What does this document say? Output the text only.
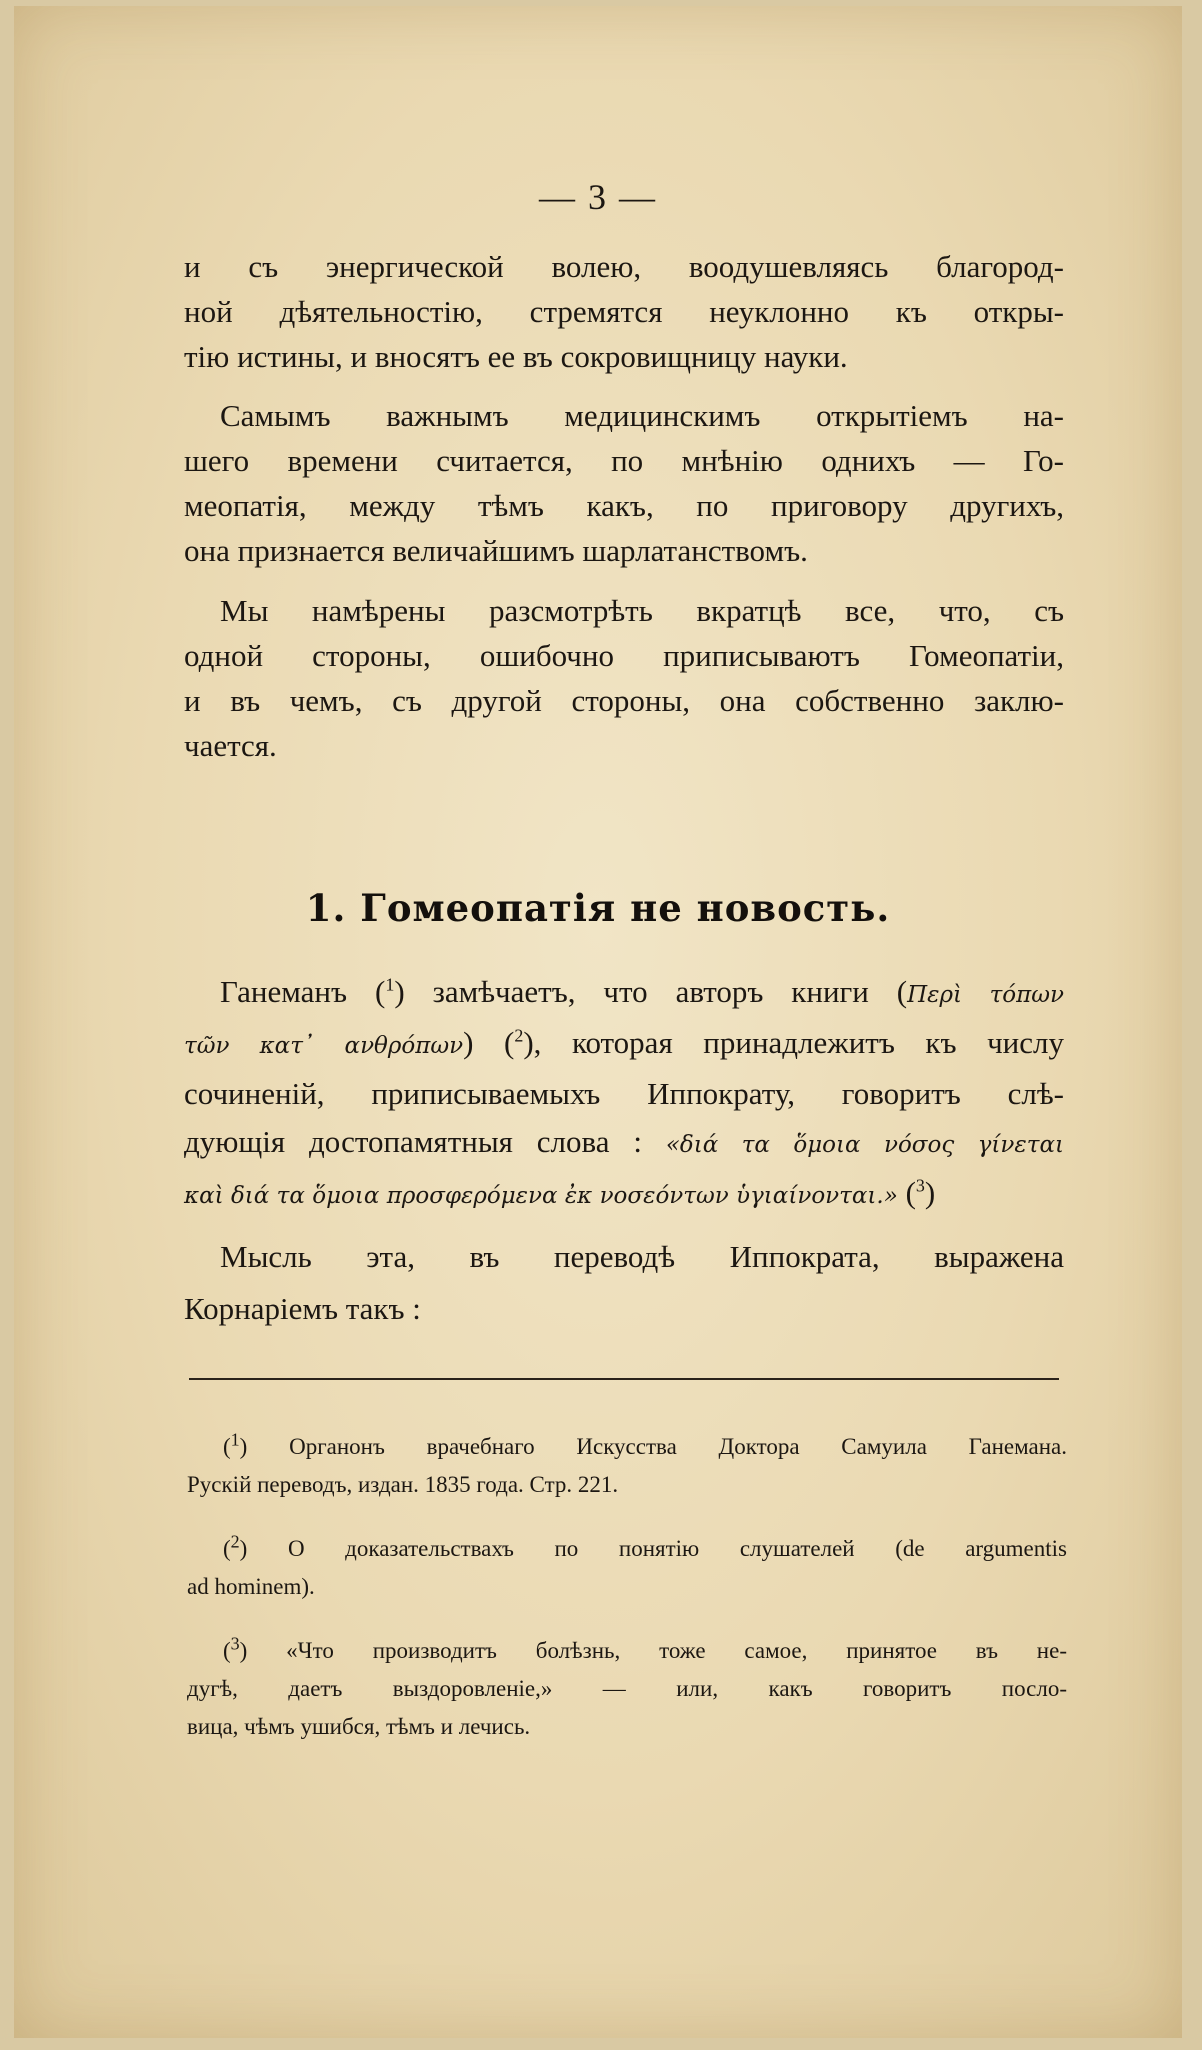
— 3 —
и съ энергической волею, воодушевляясь благород-
ной дѣятельностію, стремятся неуклонно къ откры-
тію истины, и вносятъ ее въ сокровищницу науки.
Самымъ важнымъ медицинскимъ открытіемъ на-
шего времени считается, по мнѣнію однихъ — Го-
меопатія, между тѣмъ какъ, по приговору другихъ,
она признается величайшимъ шарлатанствомъ.
Мы намѣрены разсмотрѣть вкратцѣ все, что, съ
одной стороны, ошибочно приписываютъ Гомеопатіи,
и въ чемъ, съ другой стороны, она собственно заклю-
чается.
1. Гомеопатія не новость.
Ганеманъ ($^1$) замѣчаетъ, что авторъ книги (Περὶ τόπων
τῶν κατ᾽ ανθρόπων) ($^2$), которая принадлежитъ къ числу
сочиненій, приписываемыхъ Иппократу, говоритъ слѣ-
дующія достопамятныя слова : «διά τα ὅμοια νόσος γίνεται
καὶ διά τα ὅμοια προσφερόμενα ἐκ νοσεόντων ὑγιαίνονται.» ($^3$)
Мысль эта, въ переводѣ Иппократа, выражена
Корнаріемъ такъ :
($^1$) Органонъ врачебнаго Искусства Доктора Самуила Ганемана.
Рускій переводъ, издан. 1835 года. Стр. 221.
($^2$) О доказательствахъ по понятію слушателей (de argumentis
ad hominem).
($^3$) «Что производитъ болѣзнь, тоже самое, принятое въ не-
дугѣ, даетъ выздоровленіе,» — или, какъ говоритъ посло-
вица, чѣмъ ушибся, тѣмъ и лечись.
